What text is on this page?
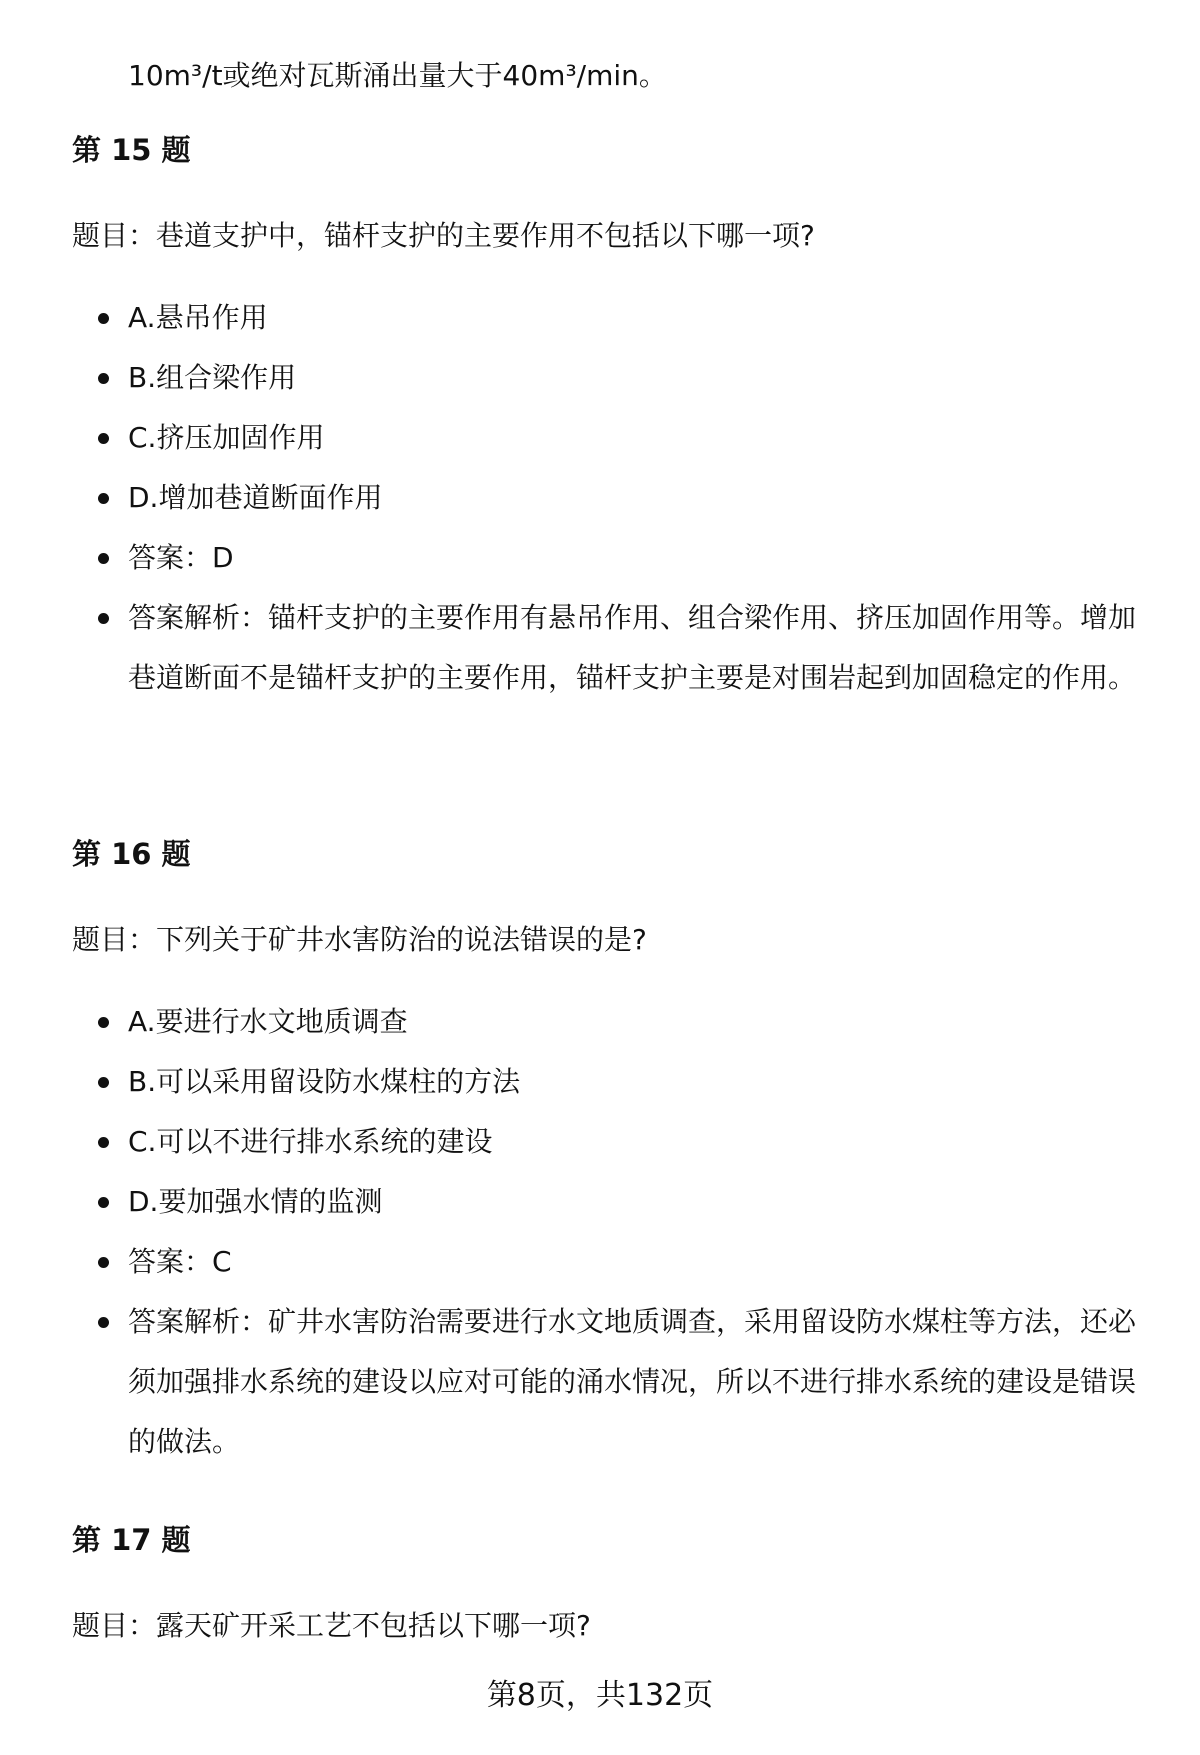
10m³/t或绝对瓦斯涌出量大于40m³/min。
第 15 题
题目：巷道支护中，锚杆支护的主要作用不包括以下哪一项?
A.悬吊作用
B.组合梁作用
C.挤压加固作用
D.增加巷道断面作用
答案：D
答案解析：锚杆支护的主要作用有悬吊作用、组合梁作用、挤压加固作用等。增加巷道断面不是锚杆支护的主要作用，锚杆支护主要是对围岩起到加固稳定的作用。
第 16 题
题目：下列关于矿井水害防治的说法错误的是?
A.要进行水文地质调查
B.可以采用留设防水煤柱的方法
C.可以不进行排水系统的建设
D.要加强水情的监测
答案：C
答案解析：矿井水害防治需要进行水文地质调查，采用留设防水煤柱等方法，还必须加强排水系统的建设以应对可能的涌水情况，所以不进行排水系统的建设是错误的做法。
第 17 题
题目：露天矿开采工艺不包括以下哪一项?
第8页，共132页
